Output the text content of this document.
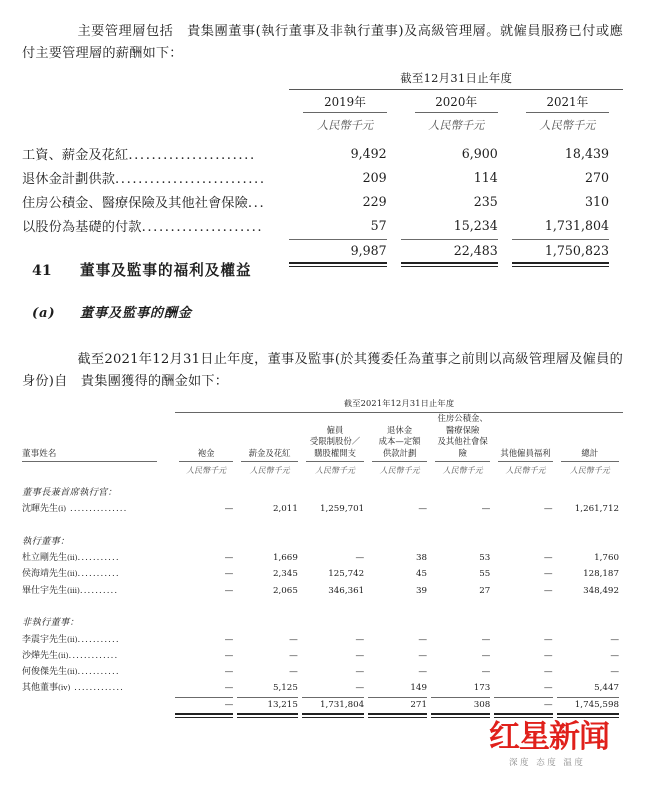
主要管理層包括　貴集團董事(執行董事及非執行董事)及高級管理層。就僱員服務已付或應付主要管理層的薪酬如下：

	截至12月31日止年度		

	2019年	2020年	2021年

	人民幣千元	人民幣千元	人民幣千元
工資、薪金及花紅......................	9,492	6,900	18,439
退休金計劃供款..........................	209	114	270
住房公積金、醫療保險及其他社會保險...	229	235	310
以股份為基礎的付款.....................	57	15,234	1,731,804

	9,987	22,483	1,750,823

41	董事及監事的福利及權益
(a)	董事及監事的酬金

截至2021年12月31日止年度，董事及監事(於其獲委任為董事之前則以高級管理層及僱員的身份)自　貴集團獲得的酬金如下：

	截至2021年12月31日止年度						

董事姓名	袍金	薪金及花紅

僱員
受限制股份／
購股權開支

退休金
成本—定額
供款計劃

住房公積金、
醫療保險
及其他社會保險	其他僱員福利	總計

	人民幣千元	人民幣千元	人民幣千元	人民幣千元	人民幣千元	人民幣千元	人民幣千元
董事長兼首席執行官：							
沈暉先生(i) ...............	—	2,011	1,259,701	—	—	—	1,261,712

執行董事：							
杜立剛先生(ii)...........	—	1,669	—	38	53	—	1,760
侯海靖先生(ii)...........	—	2,345	125,742	45	55	—	128,187
畢仕宇先生(iii)..........	—	2,065	346,361	39	27	—	348,492

非執行董事：							
李震宇先生(ii)...........	—	—	—	—	—	—	—
沙燁先生(ii).............	—	—	—	—	—	—	—
何俊傑先生(ii)...........	—	—	—	—	—	—	—
其他董事(iv) .............	—	5,125	—	149	173	—	5,447

	—	13,215	1,731,804	271	308	—	1,745,598

红星新闻
深度 态度 温度
